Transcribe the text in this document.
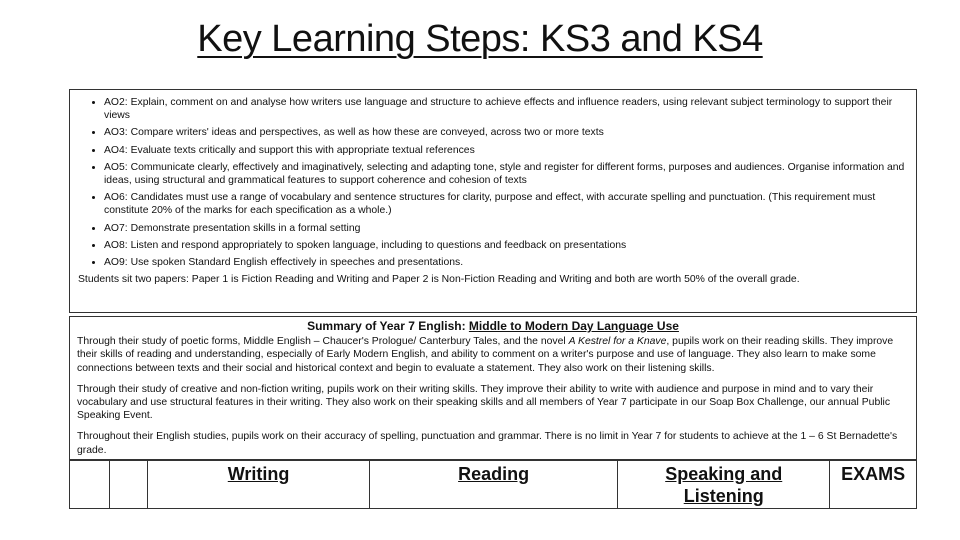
Key Learning Steps: KS3 and KS4
• AO2: Explain, comment on and analyse how writers use language and structure to achieve effects and influence readers, using relevant subject terminology to support their views
• AO3: Compare writers' ideas and perspectives, as well as how these are conveyed, across two or more texts
• AO4: Evaluate texts critically and support this with appropriate textual references
• AO5: Communicate clearly, effectively and imaginatively, selecting and adapting tone, style and register for different forms, purposes and audiences. Organise information and ideas, using structural and grammatical features to support coherence and cohesion of texts
• AO6: Candidates must use a range of vocabulary and sentence structures for clarity, purpose and effect, with accurate spelling and punctuation. (This requirement must constitute 20% of the marks for each specification as a whole.)
• AO7: Demonstrate presentation skills in a formal setting
• AO8: Listen and respond appropriately to spoken language, including to questions and feedback on presentations
• AO9: Use spoken Standard English effectively in speeches and presentations.
Students sit two papers: Paper 1 is Fiction Reading and Writing and Paper 2 is Non-Fiction Reading and Writing and both are worth 50% of the overall grade.
Summary of Year 7 English: Middle to Modern Day Language Use

Through their study of poetic forms, Middle English – Chaucer's Prologue/ Canterbury Tales, and the novel A Kestrel for a Knave, pupils work on their reading skills. They improve their skills of reading and understanding, especially of Early Modern English, and ability to comment on a writer's purpose and use of language. They also learn to make some connections between texts and their social and historical context and begin to evaluate a statement. They also work on their listening skills.

Through their study of creative and non-fiction writing, pupils work on their writing skills. They improve their ability to write with audience and purpose in mind and to vary their vocabulary and use structural features in their writing. They also work on their speaking skills and all members of Year 7 participate in our Soap Box Challenge, our annual Public Speaking Event.

Throughout their English studies, pupils work on their accuracy of spelling, punctuation and grammar. There is no limit in Year 7 for students to achieve at the 1 – 6 St Bernadette's grade.

		Writing	Reading	Speaking and
Listening	EXAMS
